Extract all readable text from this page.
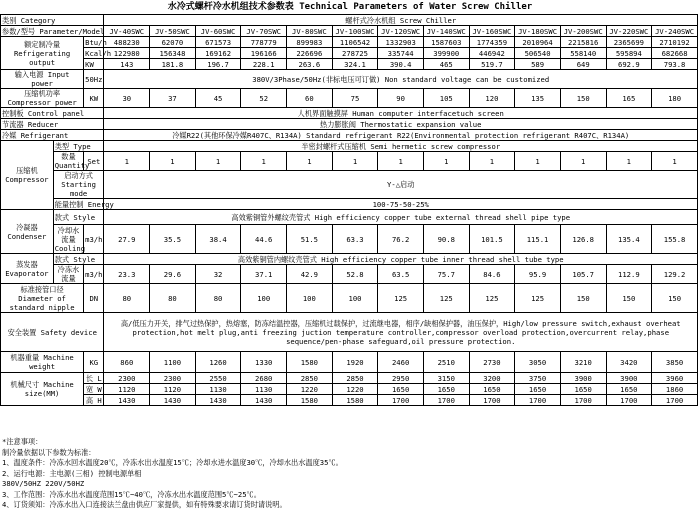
水冷式螺杆冷水机组技术参数表 Technical Parameters of Water Screw Chiller
类别 Category			螺杆式冷水机组 Screw Chiller												
参数/型号 Parameter/Model			JV-40SWC	JV-50SWC	JV-60SWC	JV-70SWC	JV-80SWC	JV-100SWC	JV-120SWC	JV-140SWC	JV-160SWC	JV-180SWC	JV-200SWC	JV-220SWC	JV-240SWC
额定制冷量 Refrigerating output		Btu/h	488230	62070	671573	778779	899983	1106542	1332903	1587603	1774359	2010964	2215816	2365699	2710192
		Kcal/h	122980	156348	169162	196166	226696	278725	335744	399900	446942	506540	558140	595894	682668
		KW	143	181.8	196.7	228.1	263.6	324.1	390.4	465	519.7	589	649	692.9	793.8
输入电源 Input power		50Hz	380V/3Phase/50Hz(非标电压可订做) Non standard voltage can be customized												
压缩机功率 Compressor power		KW	30	37	45	52	60	75	90	105	120	135	150	165	180
控制板 Control panel			人机界面触摸屏 Human computer interfacetuch screen												
节流器 Reducer			热力膨胀阀 Thermostatic expansion value												
冷媒 Refrigerant			冷媒R22(其他环保冷媒R407C、R134A) Standard refrigerant R22(Environmental protection refrigerant R407C、R134A)												
压缩机 Compressor	类型 Type		半密封螺杆式压缩机 Semi hermetic screw compressor												
	数量 Quantity	Set	1	1	1	1	1	1	1	1	1	1	1	1	1
	启动方式 Starting mode		Y-△启动												
	能量控制 Energy		100-75-50-25%												
冷凝器 Condenser	款式 Style		高效紫铜管外螺纹壳管式 High efficiency copper tube external thread shell pipe type												
	冷却水流量 Cooling	m3/h	27.9	35.5	38.4	44.6	51.5	63.3	76.2	90.8	101.5	115.1	126.8	135.4	155.8
蒸发器 Evaporator	款式 Style		高效紫铜管内螺纹壳管式 High efficiency copper tube inner thread shell tube type												
	冷冻水流量	m3/h	23.3	29.6	32	37.1	42.9	52.8	63.5	75.7	84.6	95.9	105.7	112.9	129.2
标准接管口径 Diameter of standard nipple		DN	80	80	80	100	100	100	125	125	125	125	150	150	150
安全装置 Safety device			高/低压力开关，排气过热保护，热熔塞，防冻结温控器，压缩机过载保护，过流继电器，相序/缺相保护器，油压保护，High/low pressure switch,exhaust overheat protection,hot melt plug,anti freezing juction temperature controller,compressor overload protection,overcurrent relay,phase sequence/pen-phase safeguard,oil pressure protection.												
机器重量 Machine weight		KG	860	1100	1260	1330	1580	1920	2460	2510	2730	3050	3210	3420	3850
机械尺寸 Machine size(MM)		长 L	2300	2300	2550	2680	2850	2850	2950	3150	3200	3750	3900	3900	3960
		宽 W	1120	1120	1130	1130	1220	1220	1650	1650	1650	1650	1650	1650	1860
		高 H	1430	1430	1430	1430	1580	1580	1700	1700	1700	1700	1700	1700	1700
*注意事项：
制冷量依据以下参数为标准：
1、温度条件：冷冻水回水温度20℃，冷冻水出水温度15℃；冷却水进水温度30℃，冷却水出水温度35℃。
2、运行电源：主电源(三相) 控制电源单相
380V/50HZ 220V/50HZ
3、工作范围：冷冻水出水温度范围15℃~40℃，冷冻水出水温度范围5℃~25℃。
4、订货须知：冷冻水出入口连接法兰盘由供应厂家提供，如有特殊要求请订货时请说明。
